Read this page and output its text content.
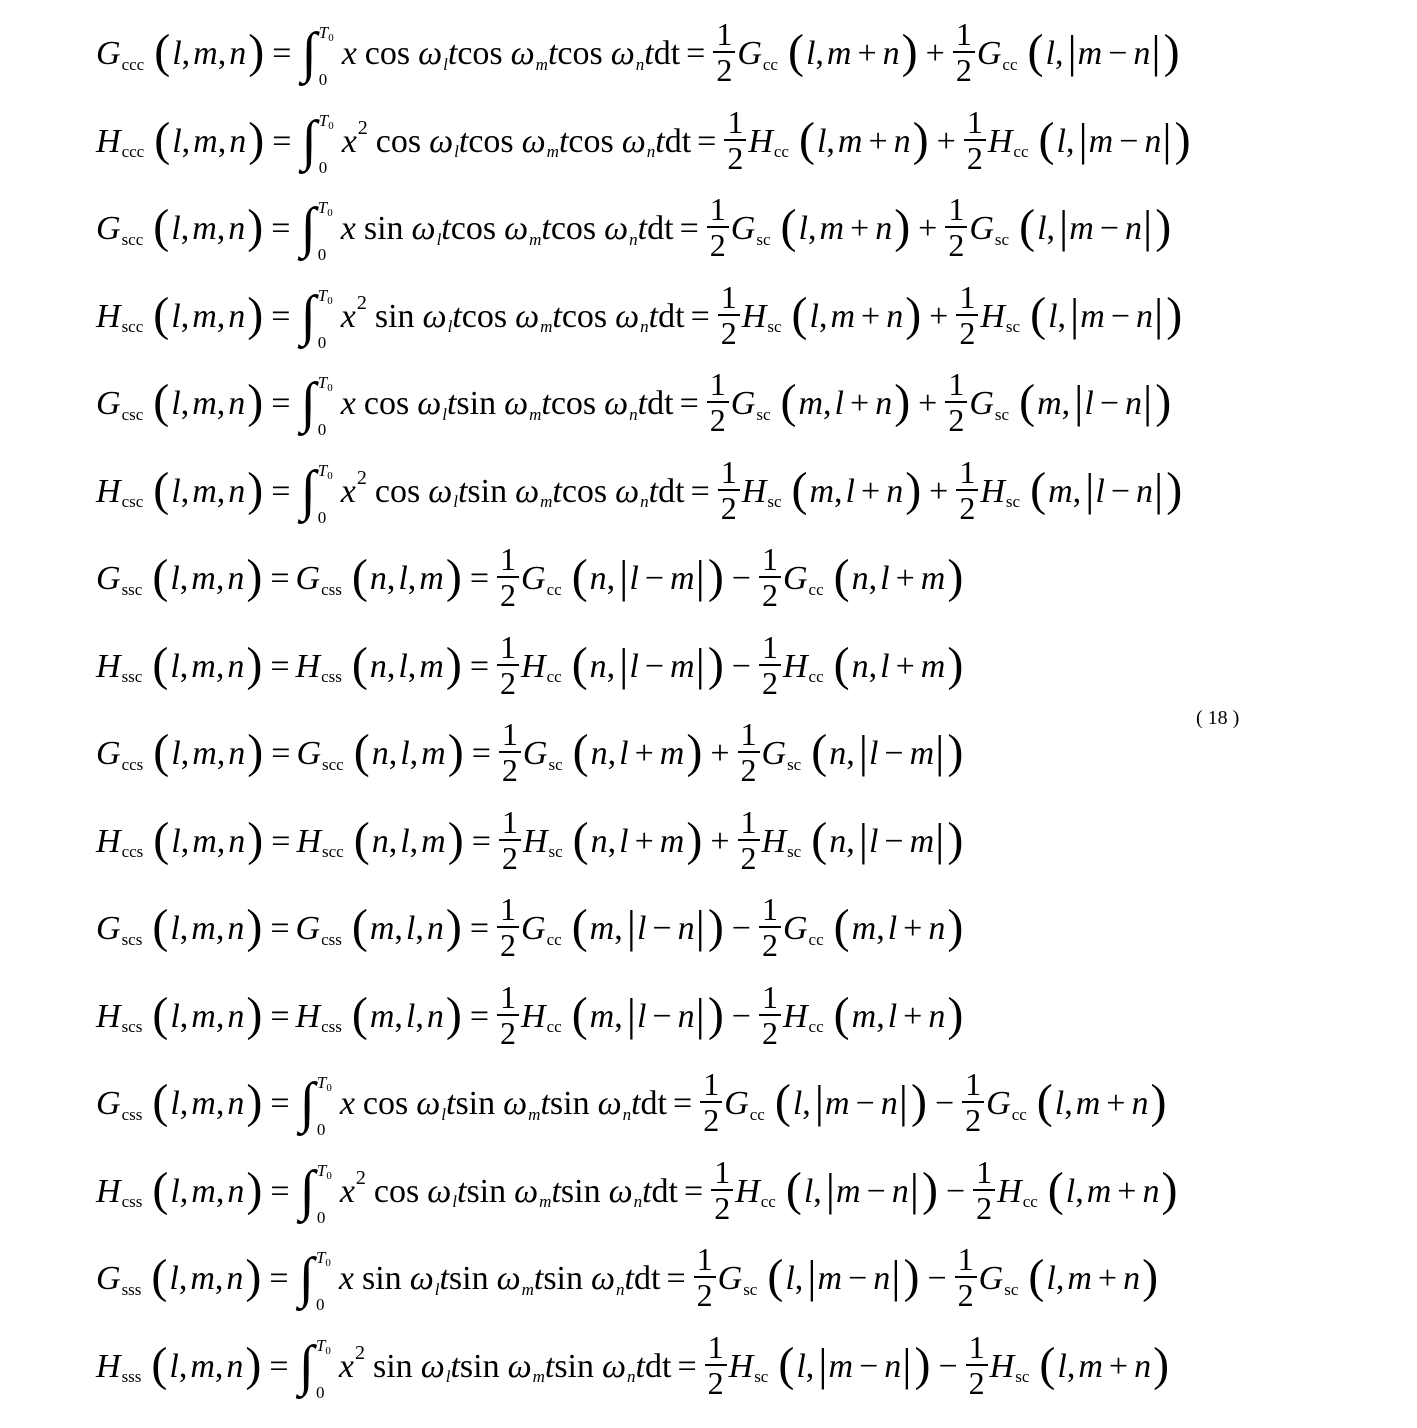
G ccc ( l,m,n ) = ∫ T0
0
x cos ω l t cos ω m t cos ω n t dt = $\frac{1}{2}$ G cc ( l , m + n ) + $\frac{1}{2}$ G cc ( l , | m − n | )
H ccc ( l,m,n ) = ∫ T0
0
x 2 cos ω l t cos ω m t cos ω n t dt = $\frac{1}{2}$ H cc ( l , m + n ) + $\frac{1}{2}$ H cc ( l , | m − n | )
G scc ( l,m,n ) = ∫ T0
0
x sin ω l t cos ω m t cos ω n t dt = $\frac{1}{2}$ G sc ( l , m + n ) + $\frac{1}{2}$ G sc ( l , | m − n | )
H scc ( l,m,n ) = ∫ T0
0
x 2 sin ω l t cos ω m t cos ω n t dt = $\frac{1}{2}$ H sc ( l , m + n ) + $\frac{1}{2}$ H sc ( l , | m − n | )
G csc ( l,m,n ) = ∫ T0
0
x cos ω l t sin ω m t cos ω n t dt = $\frac{1}{2}$ G sc ( m , l + n ) + $\frac{1}{2}$ G sc ( m , | l − n | )
H csc ( l,m,n ) = ∫ T0
0
x 2 cos ω l t sin ω m t cos ω n t dt = $\frac{1}{2}$ H sc ( m , l + n ) + $\frac{1}{2}$ H sc ( m , | l − n | )
G ssc ( l,m,n ) = G css ( n,l,m ) = $\frac{1}{2}$ G cc ( n , | l − m | ) − $\frac{1}{2}$ G cc ( n , l + m )
H ssc ( l,m,n ) = H css ( n,l,m ) = $\frac{1}{2}$ H cc ( n , | l − m | ) − $\frac{1}{2}$ H cc ( n , l + m )
G ccs ( l,m,n ) = G scc ( n,l,m ) = $\frac{1}{2}$ G sc ( n , l + m ) + $\frac{1}{2}$ G sc ( n , | l − m | )
H ccs ( l,m,n ) = H scc ( n,l,m ) = $\frac{1}{2}$ H sc ( n , l + m ) + $\frac{1}{2}$ H sc ( n , | l − m | )
G scs ( l,m,n ) = G css ( m,l,n ) = $\frac{1}{2}$ G cc ( m , | l − n | ) − $\frac{1}{2}$ G cc ( m , l + n )
H scs ( l,m,n ) = H css ( m,l,n ) = $\frac{1}{2}$ H cc ( m , | l − n | ) − $\frac{1}{2}$ H cc ( m , l + n )
G css ( l,m,n ) = ∫ T0
0
x cos ω l t sin ω m t sin ω n t dt = $\frac{1}{2}$ G cc ( l , | m − n | ) − $\frac{1}{2}$ G cc ( l , m + n )
H css ( l,m,n ) = ∫ T0
0
x 2 cos ω l t sin ω m t sin ω n t dt = $\frac{1}{2}$ H cc ( l , | m − n | ) − $\frac{1}{2}$ H cc ( l , m + n )
G sss ( l,m,n ) = ∫ T0
0
x sin ω l t sin ω m t sin ω n t dt = $\frac{1}{2}$ G sc ( l , | m − n | ) − $\frac{1}{2}$ G sc ( l , m + n )
H sss ( l,m,n ) = ∫ T0
0
x 2 sin ω l t sin ω m t sin ω n t dt = $\frac{1}{2}$ H sc ( l , | m − n | ) − $\frac{1}{2}$ H sc ( l , m + n )
( 18 )
